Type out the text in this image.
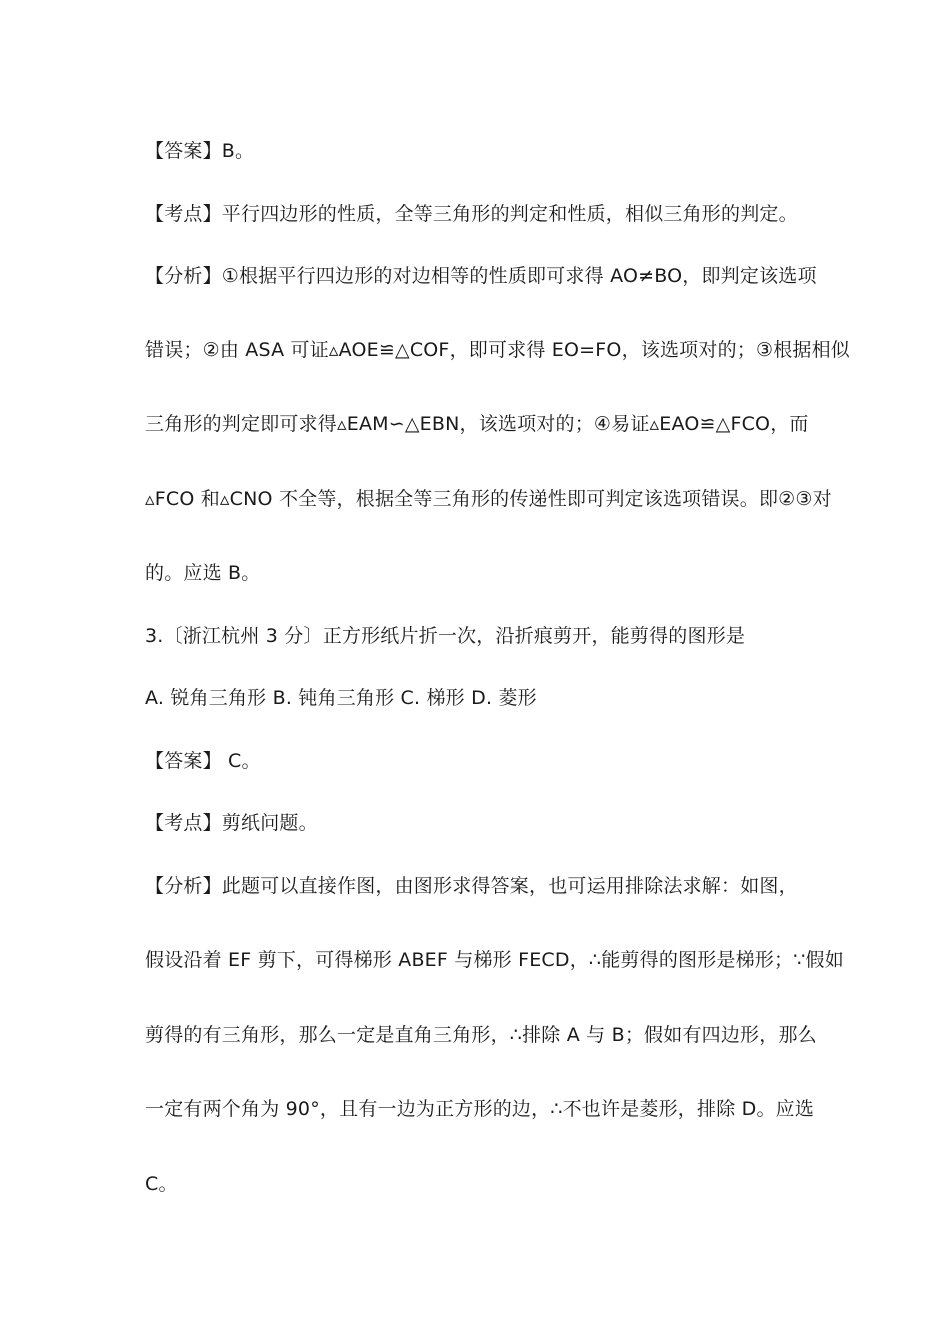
【答案】B。
【考点】平行四边形的性质，全等三角形的判定和性质，相似三角形的判定。
【分析】①根据平行四边形的对边相等的性质即可求得 AO≠BO，即判定该选项
错误；②由 ASA 可证▵AOE≌△COF，即可求得 EO=FO，该选项对的；③根据相似
三角形的判定即可求得▵EAM∽△EBN，该选项对的；④易证▵EAO≌△FCO，而
▵FCO 和▵CNO 不全等，根据全等三角形的传递性即可判定该选项错误。即②③对
的。应选 B。
3.〔浙江杭州 3 分〕正方形纸片折一次，沿折痕剪开，能剪得的图形是
A. 锐角三角形 B. 钝角三角形 C. 梯形 D. 菱形
【答案】 C。
【考点】剪纸问题。
【分析】此题可以直接作图，由图形求得答案，也可运用排除法求解：如图，
假设沿着 EF 剪下，可得梯形 ABEF 与梯形 FECD，∴能剪得的图形是梯形；∵假如
剪得的有三角形，那么一定是直角三角形，∴排除 A 与 B；假如有四边形，那么
一定有两个角为 90°，且有一边为正方形的边，∴不也许是菱形，排除 D。应选
C。
